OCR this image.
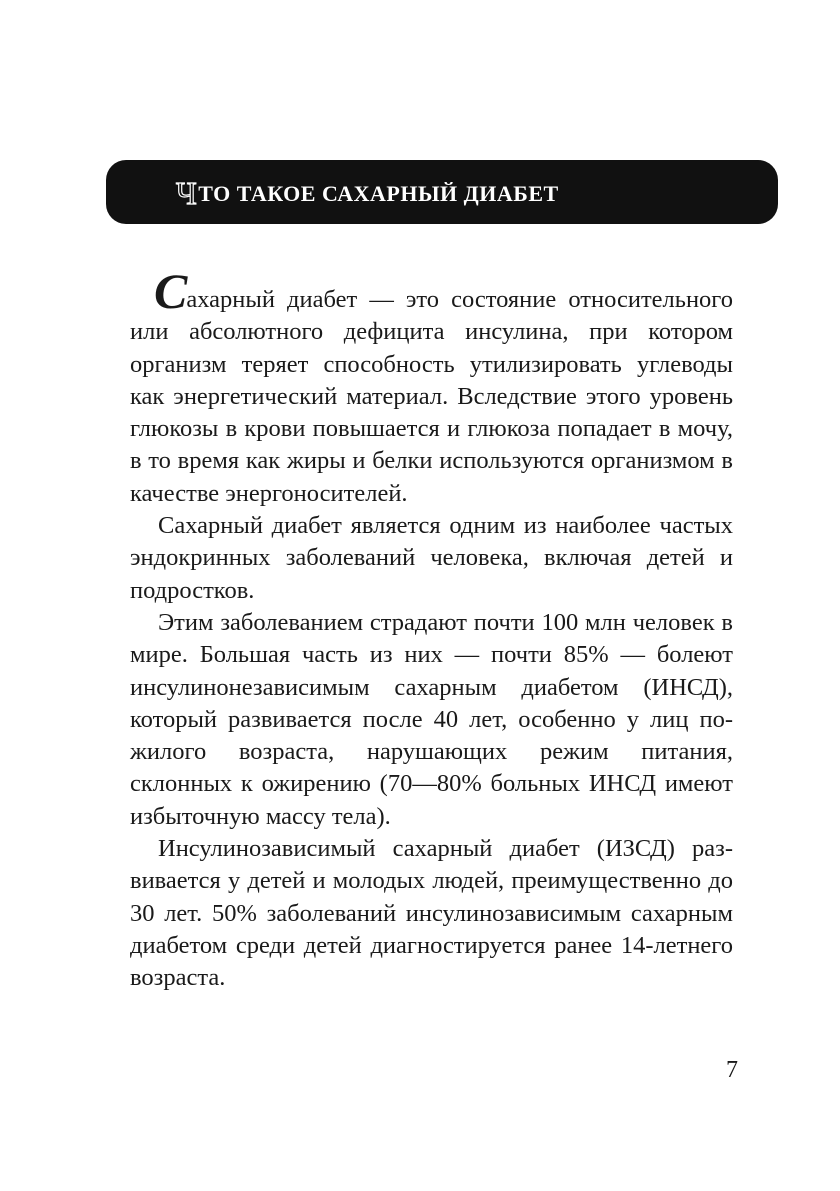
ЧТО ТАКОЕ САХАРНЫЙ ДИАБЕТ

Сахарный диабет — это состояние относительного или абсолютного дефицита инсулина, при котором организм теряет способность утилизировать углеводы как энергетический материал. Вследствие этого уровень глюкозы в крови повышается и глюкоза попадает в мочу, в то время как жиры и белки используются организмом в качестве энергоносителей.

Сахарный диабет является одним из наиболее частых эндокринных заболеваний человека, включая детей и подростков.

Этим заболеванием страдают почти 100 млн человек в мире. Большая часть из них — почти 85% — болеют инсулинонезависимым сахарным диабетом (ИНСД), который развивается после 40 лет, особенно у лиц пожилого возраста, нарушающих режим питания, склонных к ожирению (70—80% больных ИНСД имеют избыточную массу тела).

Инсулинозависимый сахарный диабет (ИЗСД) развивается у детей и молодых людей, преимущественно до 30 лет. 50% заболеваний инсулинозависимым сахарным диабетом среди детей диагностируется ранее 14-летнего возраста.

7
